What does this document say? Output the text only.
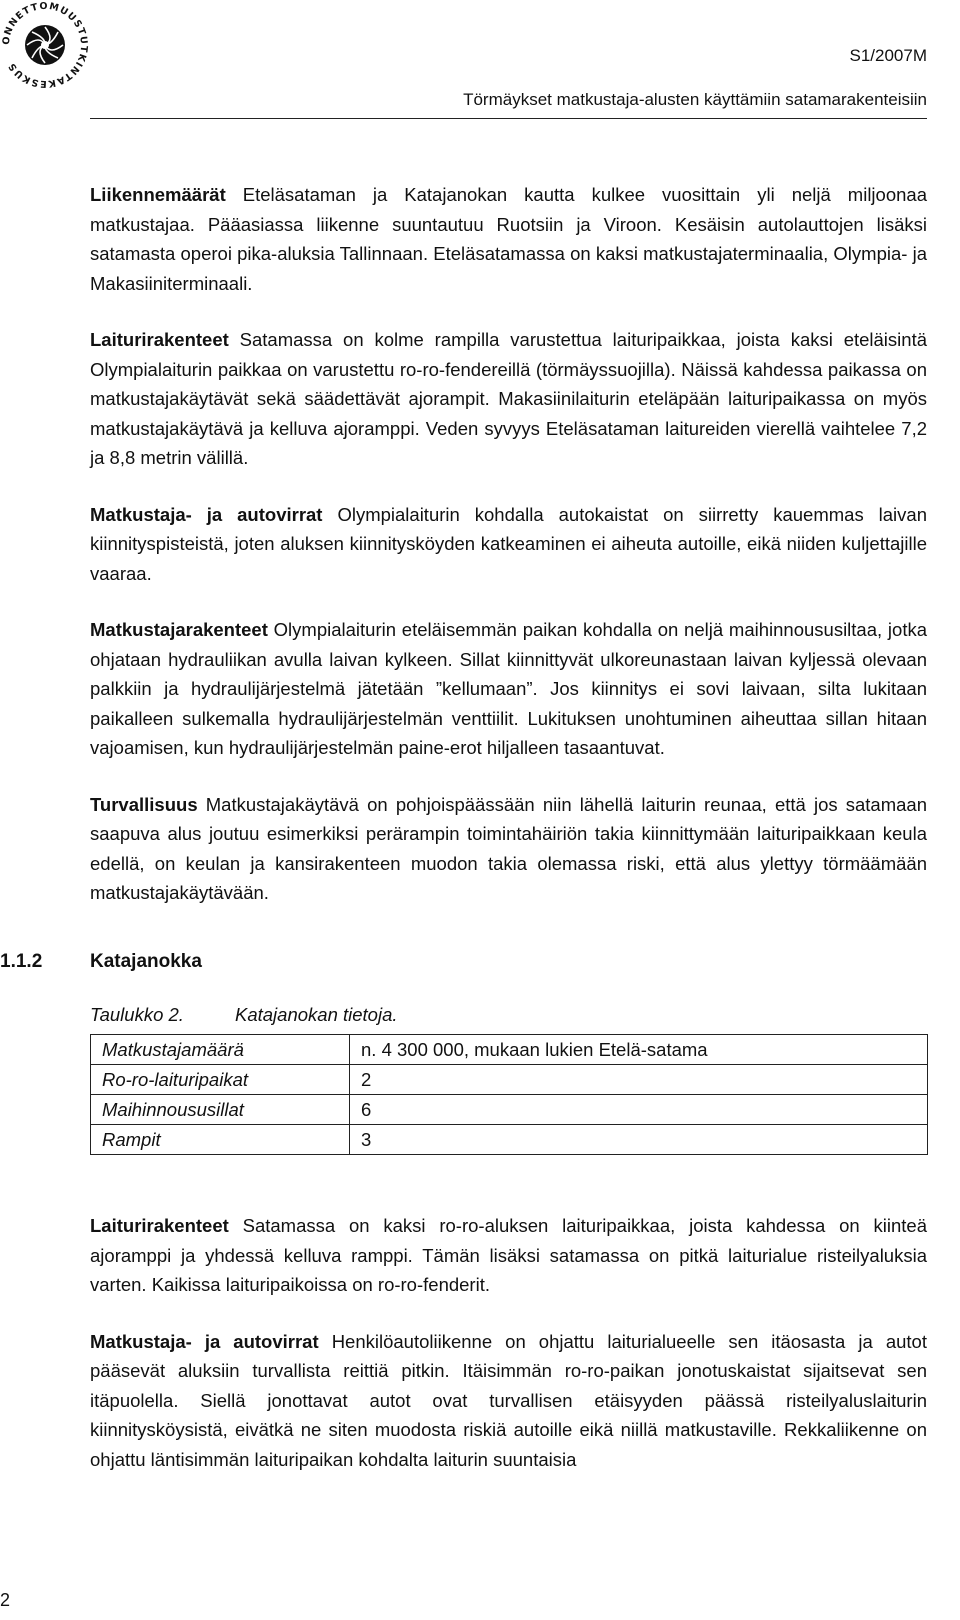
ONNETTOMUUSTUTKINTAKESKUS
S1/2007M
Törmäykset matkustaja-alusten käyttämiin satamarakenteisiin

Liikennemäärät Eteläsataman ja Katajanokan kautta kulkee vuosittain yli neljä miljoonaa matkustajaa. Pääasiassa liikenne suuntautuu Ruotsiin ja Viroon. Kesäisin autolauttojen lisäksi satamasta operoi pika-aluksia Tallinnaan. Eteläsatamassa on kaksi matkustajaterminaalia, Olympia- ja Makasiiniterminaali.

Laiturirakenteet Satamassa on kolme rampilla varustettua laituripaikkaa, joista kaksi eteläisintä Olympialaiturin paikkaa on varustettu ro-ro-fendereillä (törmäyssuojilla). Näissä kahdessa paikassa on matkustajakäytävät sekä säädettävät ajorampit. Makasiinilaiturin eteläpään laituripaikassa on myös matkustajakäytävä ja kelluva ajoramppi. Veden syvyys Eteläsataman laitureiden vierellä vaihtelee 7,2 ja 8,8 metrin välillä.

Matkustaja- ja autovirrat Olympialaiturin kohdalla autokaistat on siirretty kauemmas laivan kiinnityspisteistä, joten aluksen kiinnitysköyden katkeaminen ei aiheuta autoille, eikä niiden kuljettajille vaaraa.

Matkustajarakenteet Olympialaiturin eteläisemmän paikan kohdalla on neljä maihinnoususiltaa, jotka ohjataan hydrauliikan avulla laivan kylkeen. Sillat kiinnittyvät ulkoreunastaan laivan kyljessä olevaan palkkiin ja hydraulijärjestelmä jätetään ”kellumaan”. Jos kiinnitys ei sovi laivaan, silta lukitaan paikalleen sulkemalla hydraulijärjestelmän venttiilit. Lukituksen unohtuminen aiheuttaa sillan hitaan vajoamisen, kun hydraulijärjestelmän paine-erot hiljalleen tasaantuvat.

Turvallisuus Matkustajakäytävä on pohjoispäässään niin lähellä laiturin reunaa, että jos satamaan saapuva alus joutuu esimerkiksi perärampin toimintahäiriön takia kiinnittymään laituripaikkaan keula edellä, on keulan ja kansirakenteen muodon takia olemassa riski, että alus ylettyy törmäämään matkustajakäytävään.

1.1.2	Katajanokka
Taulukko 2.	Katajanokan tietoja.
Matkustajamäärä	n. 4 300 000, mukaan lukien Etelä-satama
Ro-ro-laituripaikat	2
Maihinnoususillat	6
Rampit	3

Laiturirakenteet Satamassa on kaksi ro-ro-aluksen laituripaikkaa, joista kahdessa on kiinteä ajoramppi ja yhdessä kelluva ramppi. Tämän lisäksi satamassa on pitkä laiturialue risteilyaluksia varten. Kaikissa laituripaikoissa on ro-ro-fenderit.

Matkustaja- ja autovirrat Henkilöautoliikenne on ohjattu laiturialueelle sen itäosasta ja autot pääsevät aluksiin turvallista reittiä pitkin. Itäisimmän ro-ro-paikan jonotuskaistat sijaitsevat sen itäpuolella. Siellä jonottavat autot ovat turvallisen etäisyyden päässä risteilyaluslaiturin kiinnitysköysistä, eivätkä ne siten muodosta riskiä autoille eikä niillä matkustaville. Rekkaliikenne on ohjattu läntisimmän laituripaikan kohdalta laiturin suuntaisia

2
